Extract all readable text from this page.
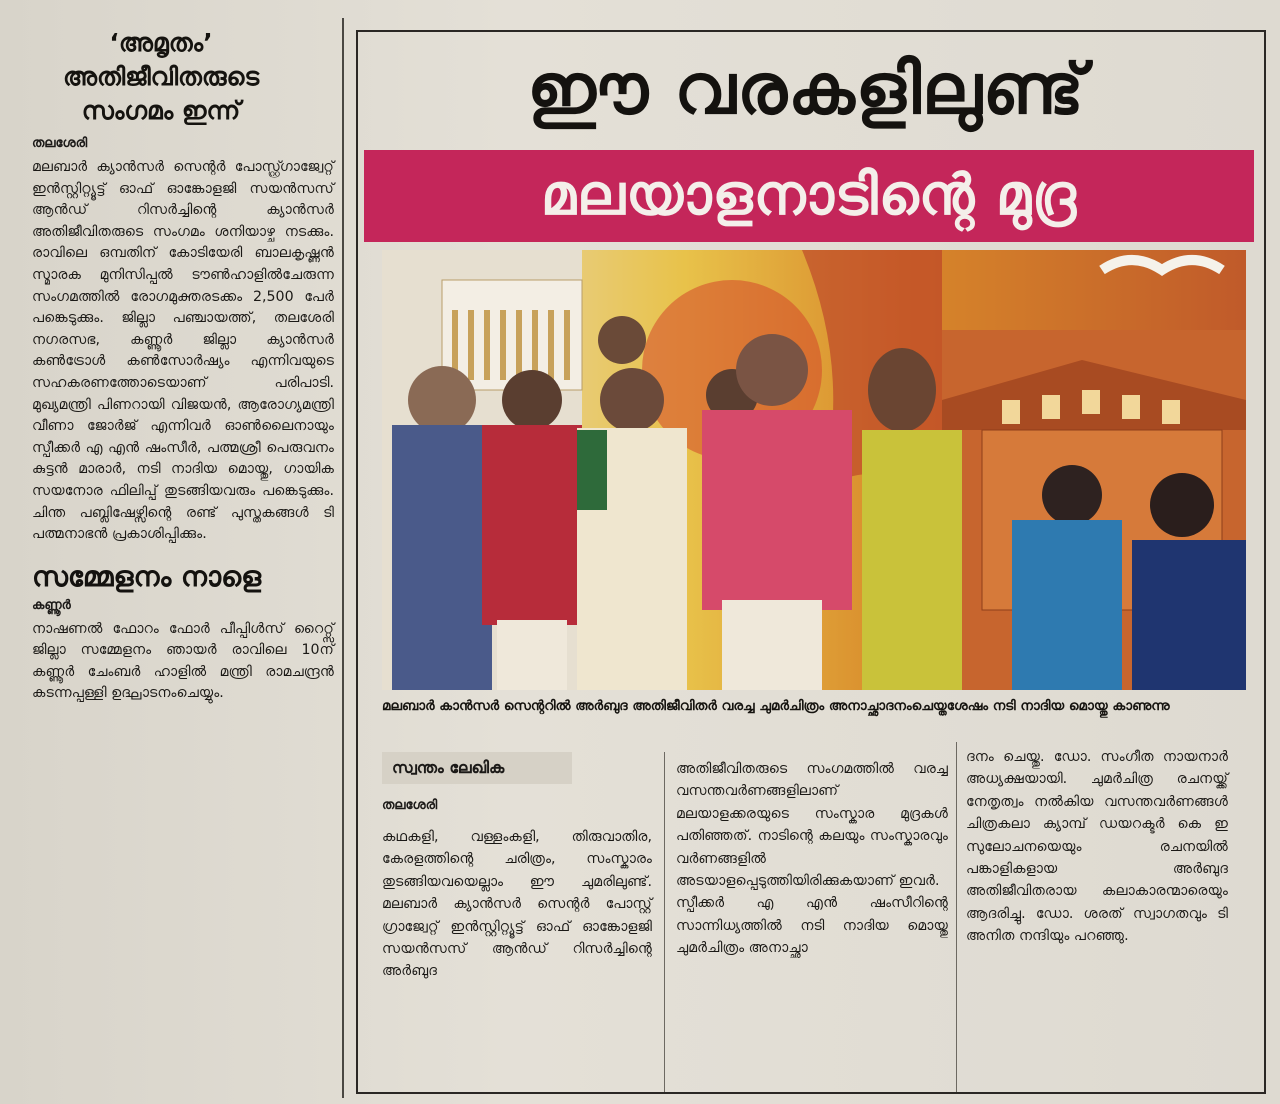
‘അമൃതം’
അതിജീവിതരുടെ
സംഗമം ഇന്ന്
തലശേരി
മലബാർ ക്യാൻസർ സെന്റർ പോസ്റ്റ്ഗ്രാജ്വേറ്റ് ഇൻസ്റ്റിറ്റ്യൂട്ട് ഓഫ് ഓങ്കോളജി സയൻസസ് ആൻഡ് റിസർച്ചിന്റെ ക്യാൻസർ അതിജീവിതരുടെ സംഗമം ശനിയാഴ്ച നടക്കും. രാവിലെ ഒമ്പതിന് കോടിയേരി ബാലകൃഷ്ണൻ സ്മാരക മുനിസിപ്പൽ ടൗൺഹാളിൽചേരുന്ന സംഗമത്തിൽ രോഗമുക്തരടക്കം 2,500 പേർ പങ്കെടുക്കും. ജില്ലാ പഞ്ചായത്ത്, തലശേരി നഗരസഭ, കണ്ണൂർ ജില്ലാ ക്യാൻസർ കൺട്രോൾ കൺസോർഷ്യം എന്നിവയുടെ സഹകരണത്തോടെയാണ് പരിപാടി. മുഖ്യമന്ത്രി പിണറായി വിജയൻ, ആരോഗ്യമന്ത്രി വീണാ ജോർജ് എന്നിവർ ഓൺലൈനായും സ്പീക്കർ എ എൻ ഷംസീർ, പത്മശ്രീ പെരുവനം കുട്ടൻ മാരാർ, നടി നാദിയ മൊയ്തു, ഗായിക സയനോര ഫിലിപ്പ് തുടങ്ങിയവരും പങ്കെടുക്കും. ചിന്ത പബ്ലിഷേഴ്സിന്റെ രണ്ട് പുസ്തകങ്ങൾ ടി പത്മനാഭൻ പ്രകാശിപ്പിക്കും.
സമ്മേളനം നാളെ
കണ്ണൂർ
നാഷണൽ ഫോറം ഫോർ പീപ്പിൾസ് റൈറ്റ്സ് ജില്ലാ സമ്മേളനം ഞായർ രാവിലെ 10ന് കണ്ണൂർ ചേംബർ ഹാളിൽ മന്ത്രി രാമചന്ദ്രൻ കടന്നപ്പള്ളി ഉദ്ഘാടനംചെയ്യും.
ഈ വരകളിലുണ്ട്
മലയാളനാടിന്റെ മുദ്ര
മലബാർ കാൻസർ സെന്ററിൽ അർബുദ അതിജീവിതർ വരച്ച ചുമർചിത്രം അനാച്ഛാദനംചെയ്തശേഷം നടി നാദിയ മൊയ്തു കാണുന്നു
സ്വന്തം ലേഖിക
തലശേരി
കഥകളി, വള്ളംകളി, തിരുവാതിര, കേരളത്തിന്റെ ചരിത്രം, സംസ്കാരം തുടങ്ങിയവയെല്ലാം ഈ ചുമരിലുണ്ട്. മലബാർ ക്യാൻസർ സെന്റർ പോസ്റ്റ് ഗ്രാജ്വേറ്റ് ഇൻസ്റ്റിറ്റ്യൂട്ട് ഓഫ് ഓങ്കോളജി സയൻസസ് ആൻഡ് റിസർച്ചിന്റെ അർബുദ
അതിജീവിതരുടെ സംഗമത്തിൽ വരച്ച വസന്തവർണങ്ങളിലാണ് മലയാളക്കരയുടെ സംസ്കാര മുദ്രകൾ പതിഞ്ഞത്. നാടിന്റെ കലയും സംസ്കാരവും വർണങ്ങളിൽ അടയാളപ്പെടുത്തിയിരിക്കുകയാണ് ഇവർ.
സ്പീക്കർ എ എൻ ഷംസീറിന്റെ സാന്നിധ്യത്തിൽ നടി നാദിയ മൊയ്തു ചുമർചിത്രം അനാച്ഛാ
ദനം ചെയ്തു. ഡോ. സംഗീത നായനാർ അധ്യക്ഷയായി. ചുമർചിത്ര രചനയ്ക്ക് നേതൃത്വം നൽകിയ വസന്തവർണങ്ങൾ ചിത്രകലാ ക്യാമ്പ് ഡയറക്ടർ കെ ഇ സുലോചനയെയും രചനയിൽ പങ്കാളികളായ അർബുദ അതിജീവിതരായ കലാകാരന്മാരെയും ആദരിച്ചു. ഡോ. ശരത് സ്വാഗതവും ടി അനിത നന്ദിയും പറഞ്ഞു.
